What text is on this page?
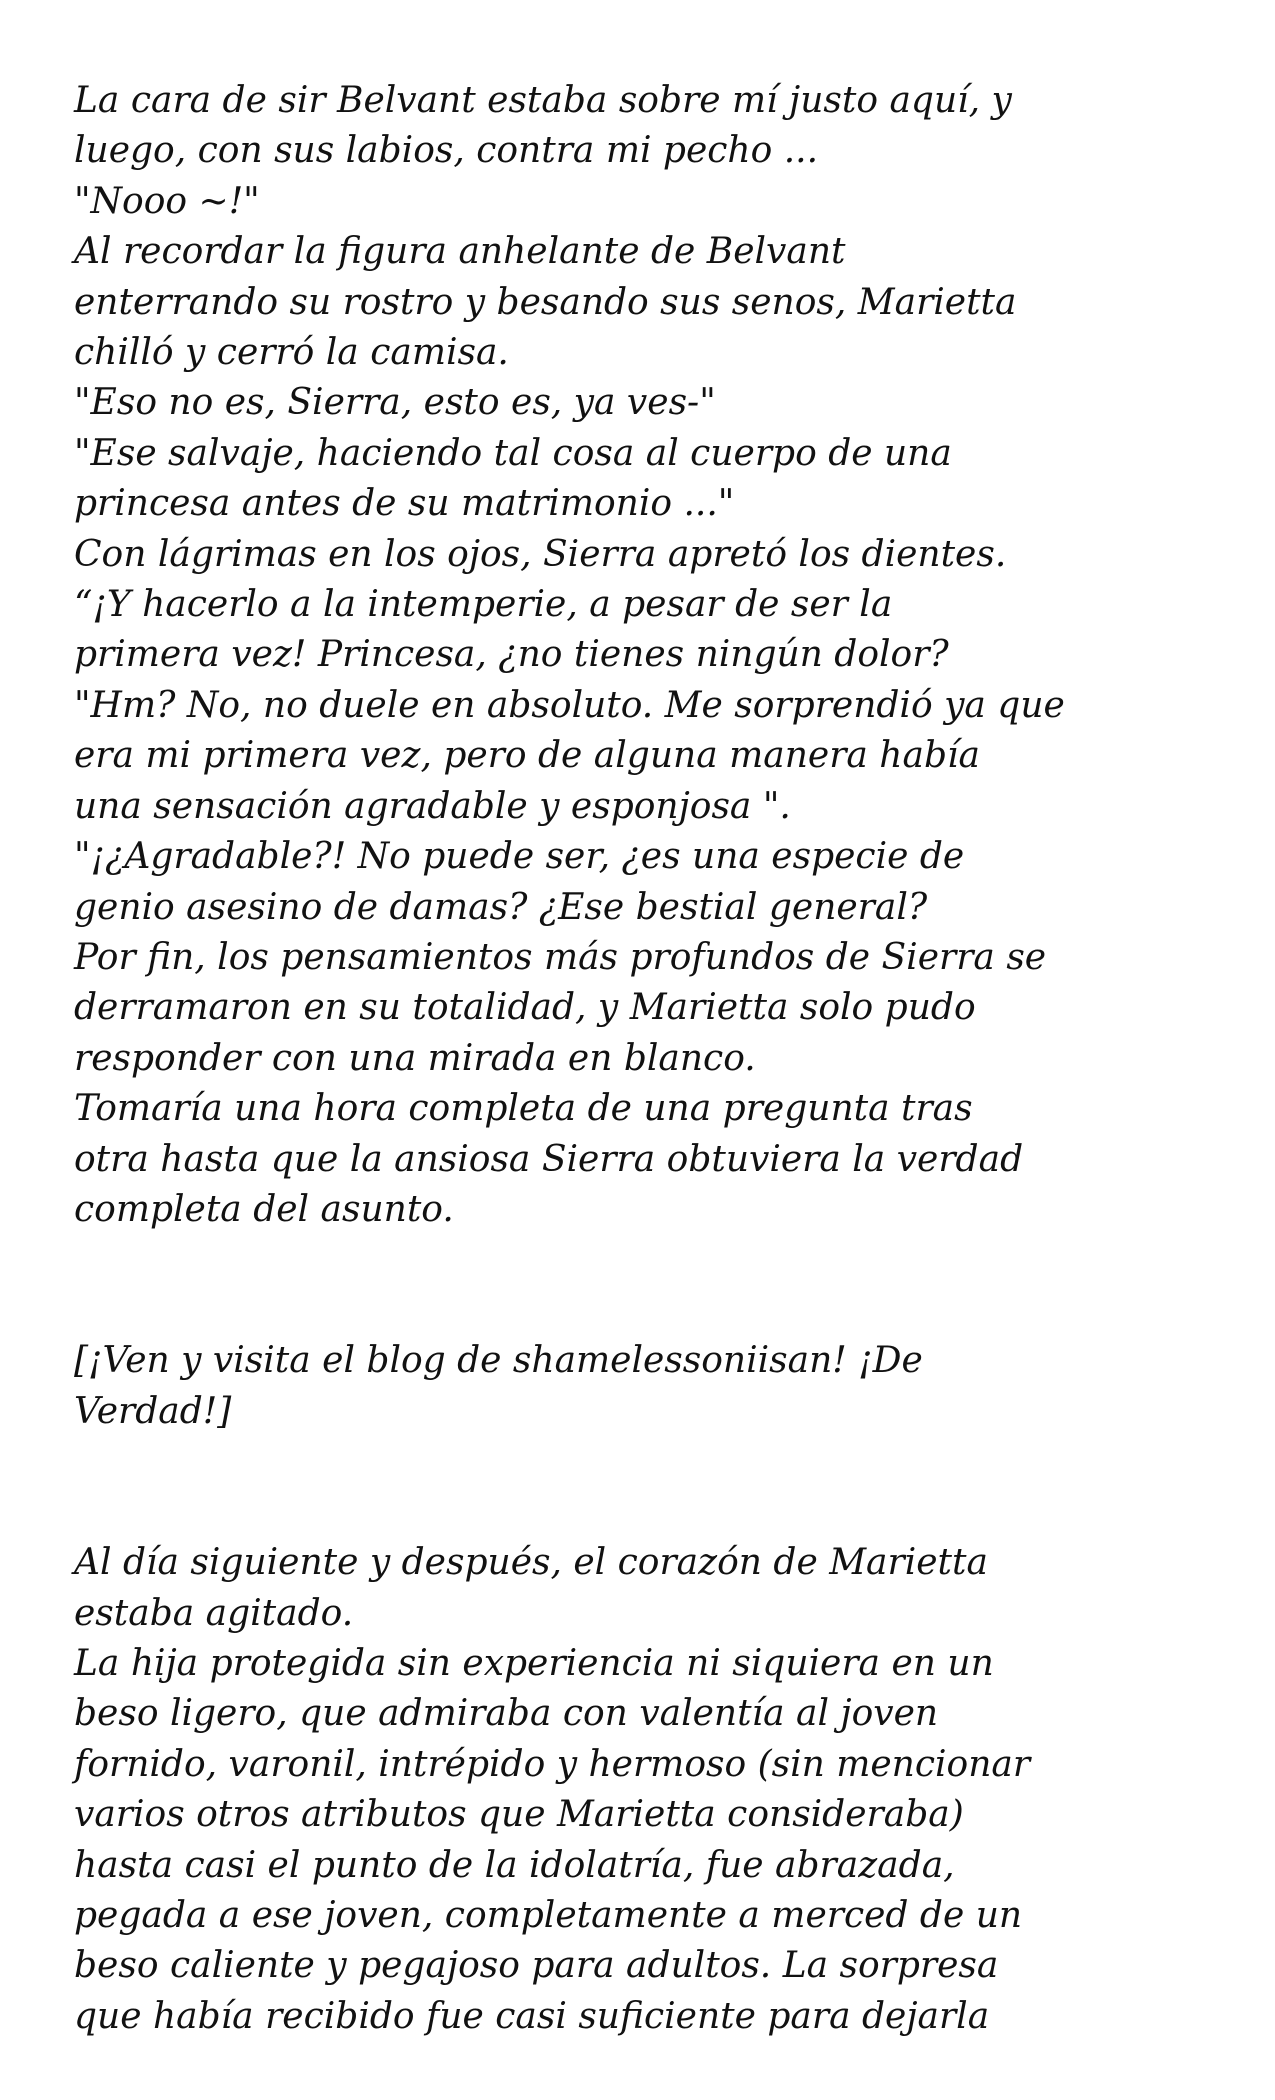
La cara de sir Belvant estaba sobre mí justo aquí, y
luego, con sus labios, contra mi pecho ...
"Nooo ~!"
Al recordar la figura anhelante de Belvant
enterrando su rostro y besando sus senos, Marietta
chilló y cerró la camisa.
"Eso no es, Sierra, esto es, ya ves-"
"Ese salvaje, haciendo tal cosa al cuerpo de una
princesa antes de su matrimonio ..."
Con lágrimas en los ojos, Sierra apretó los dientes.
“¡Y hacerlo a la intemperie, a pesar de ser la
primera vez! Princesa, ¿no tienes ningún dolor?
"Hm? No, no duele en absoluto. Me sorprendió ya que
era mi primera vez, pero de alguna manera había
una sensación agradable y esponjosa ".
"¡¿Agradable?! No puede ser, ¿es una especie de
genio asesino de damas? ¿Ese bestial general?
Por fin, los pensamientos más profundos de Sierra se
derramaron en su totalidad, y Marietta solo pudo
responder con una mirada en blanco.
Tomaría una hora completa de una pregunta tras
otra hasta que la ansiosa Sierra obtuviera la verdad
completa del asunto.
[¡Ven y visita el blog de shamelessoniisan! ¡De
Verdad!]
Al día siguiente y después, el corazón de Marietta
estaba agitado.
La hija protegida sin experiencia ni siquiera en un
beso ligero, que admiraba con valentía al joven
fornido, varonil, intrépido y hermoso (sin mencionar
varios otros atributos que Marietta consideraba)
hasta casi el punto de la idolatría, fue abrazada,
pegada a ese joven, completamente a merced de un
beso caliente y pegajoso para adultos. La sorpresa
que había recibido fue casi suficiente para dejarla
